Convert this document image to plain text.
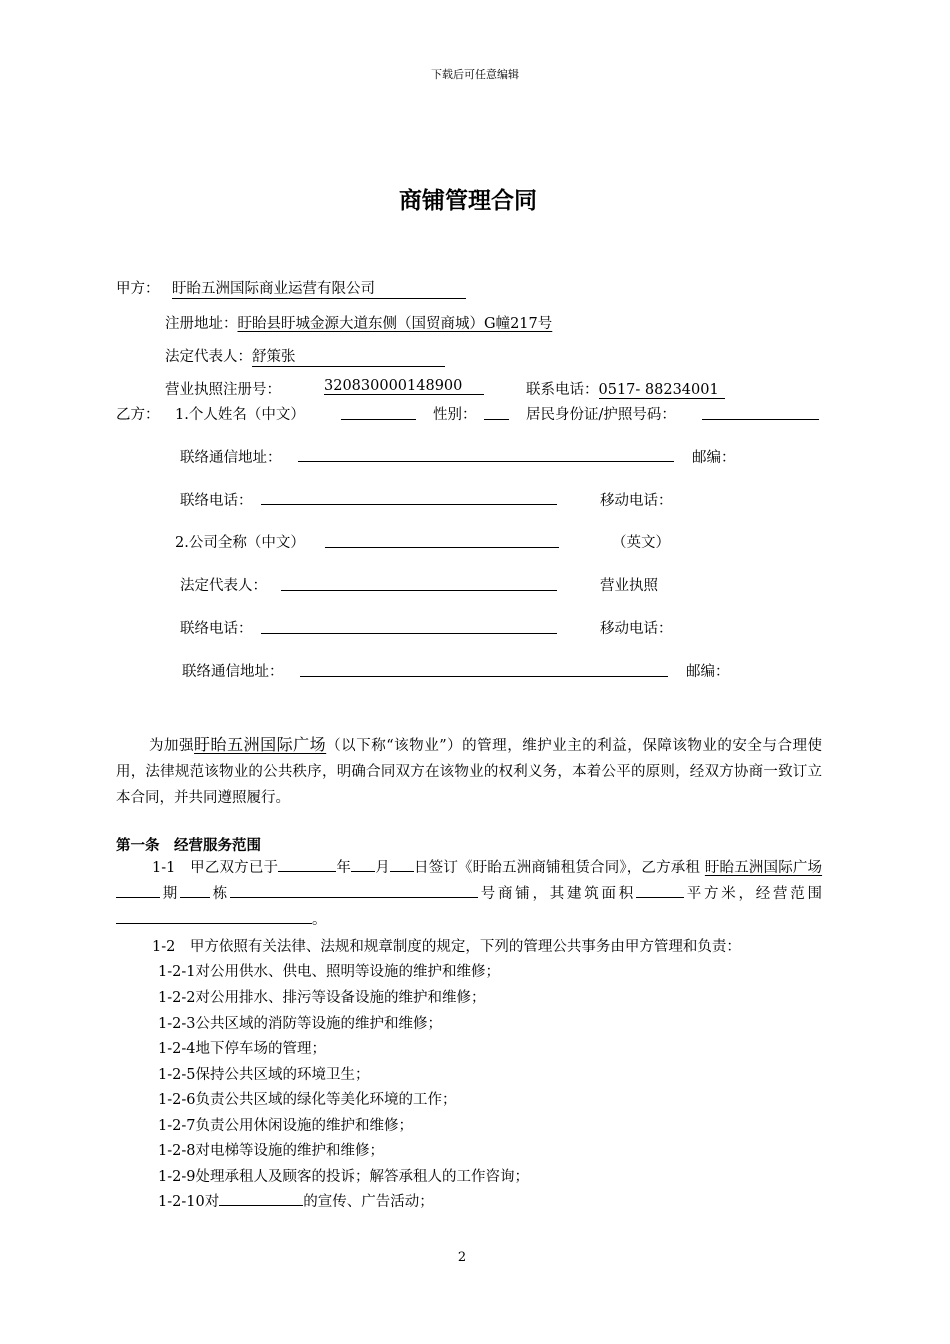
下载后可任意编辑
商铺管理合同
甲方： 盱眙五洲国际商业运营有限公司
注册地址：盱眙县盱城金源大道东侧（国贸商城）G幢217号
法定代表人：舒策张
营业执照注册号：	320830000148900	联系电话：0517- 88234001
乙方： 1.个人姓名（中文）	性别：	居民身份证/护照号码：
联络通信地址：	邮编：
联络电话：	移动电话：
2.公司全称（中文）	（英文）
法定代表人：	营业执照
联络电话：	移动电话：
联络通信地址：	邮编：
为加强盱眙五洲国际广场（以下称“该物业”）的管理，维护业主的利益，保障该物业的安全与合理使用，法律规范该物业的公共秩序，明确合同双方在该物业的权利义务，本着公平的原则，经双方协商一致订立本合同，并共同遵照履行。
第一条　经营服务范围
1-1　甲乙双方已于	年 月 日签订《盱眙五洲商铺租赁合同》，乙方承租 盱眙五洲国际广场期 栋	号商铺，其建筑面积	平方米，经营范围 。
1-2　甲方依照有关法律、法规和规章制度的规定，下列的管理公共事务由甲方管理和负责：
1-2-1对公用供水、供电、照明等设施的维护和维修；
1-2-2对公用排水、排污等设备设施的维护和维修；
1-2-3公共区域的消防等设施的维护和维修；
1-2-4地下停车场的管理；
1-2-5保持公共区域的环境卫生；
1-2-6负责公共区域的绿化等美化环境的工作；
1-2-7负责公用休闲设施的维护和维修；
1-2-8对电梯等设施的维护和维修；
1-2-9处理承租人及顾客的投诉；解答承租人的工作咨询；
1-2-10对	的宣传、广告活动；
2
